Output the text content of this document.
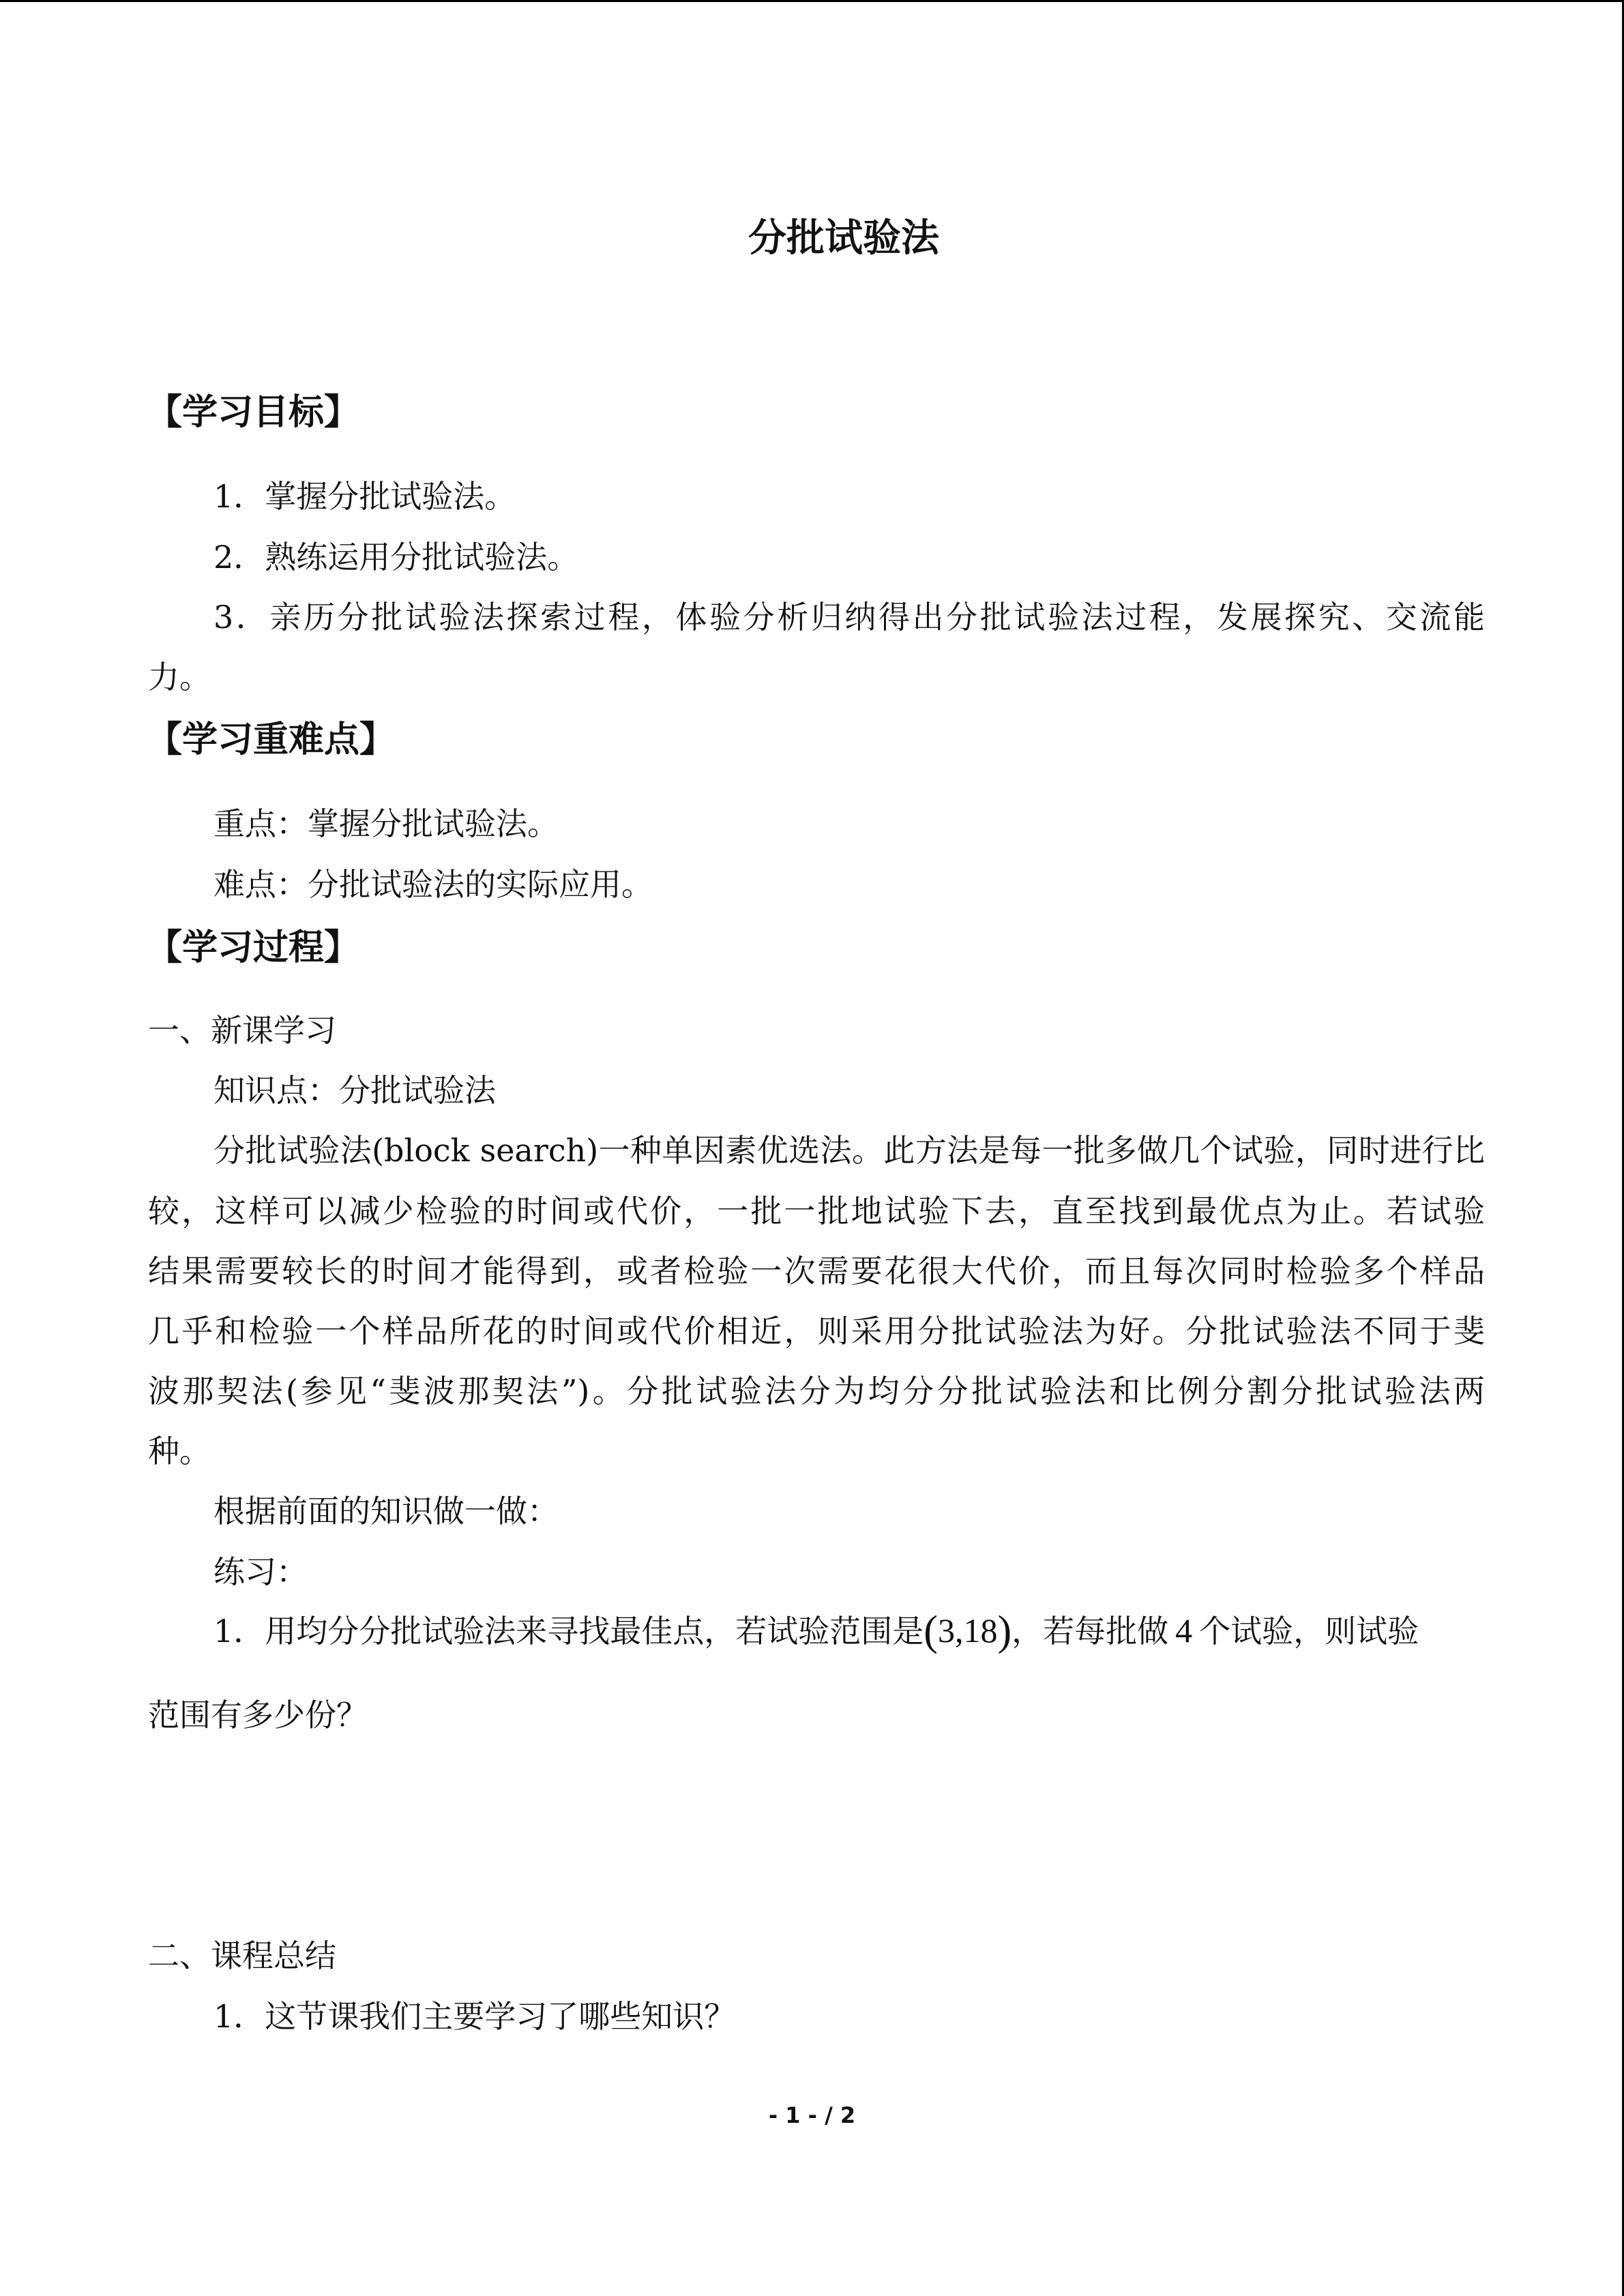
分批试验法
【学习目标】
1．掌握分批试验法。
2．熟练运用分批试验法。
3．亲历分批试验法探索过程，体验分析归纳得出分批试验法过程，发展探究、交流能
力。
【学习重难点】
重点：掌握分批试验法。
难点：分批试验法的实际应用。
【学习过程】
一、新课学习
知识点：分批试验法
分批试验法(block search)一种单因素优选法。此方法是每一批多做几个试验，同时进行比
较，这样可以减少检验的时间或代价，一批一批地试验下去，直至找到最优点为止。若试验
结果需要较长的时间才能得到，或者检验一次需要花很大代价，而且每次同时检验多个样品
几乎和检验一个样品所花的时间或代价相近，则采用分批试验法为好。分批试验法不同于斐
波那契法(参见“斐波那契法”)。分批试验法分为均分分批试验法和比例分割分批试验法两
种。
根据前面的知识做一做：
练习：
1．用均分分批试验法来寻找最佳点，若试验范围是(3,18)，若每批做 4 个试验，则试验
范围有多少份？
二、课程总结
1．这节课我们主要学习了哪些知识？
- 1 - / 2
